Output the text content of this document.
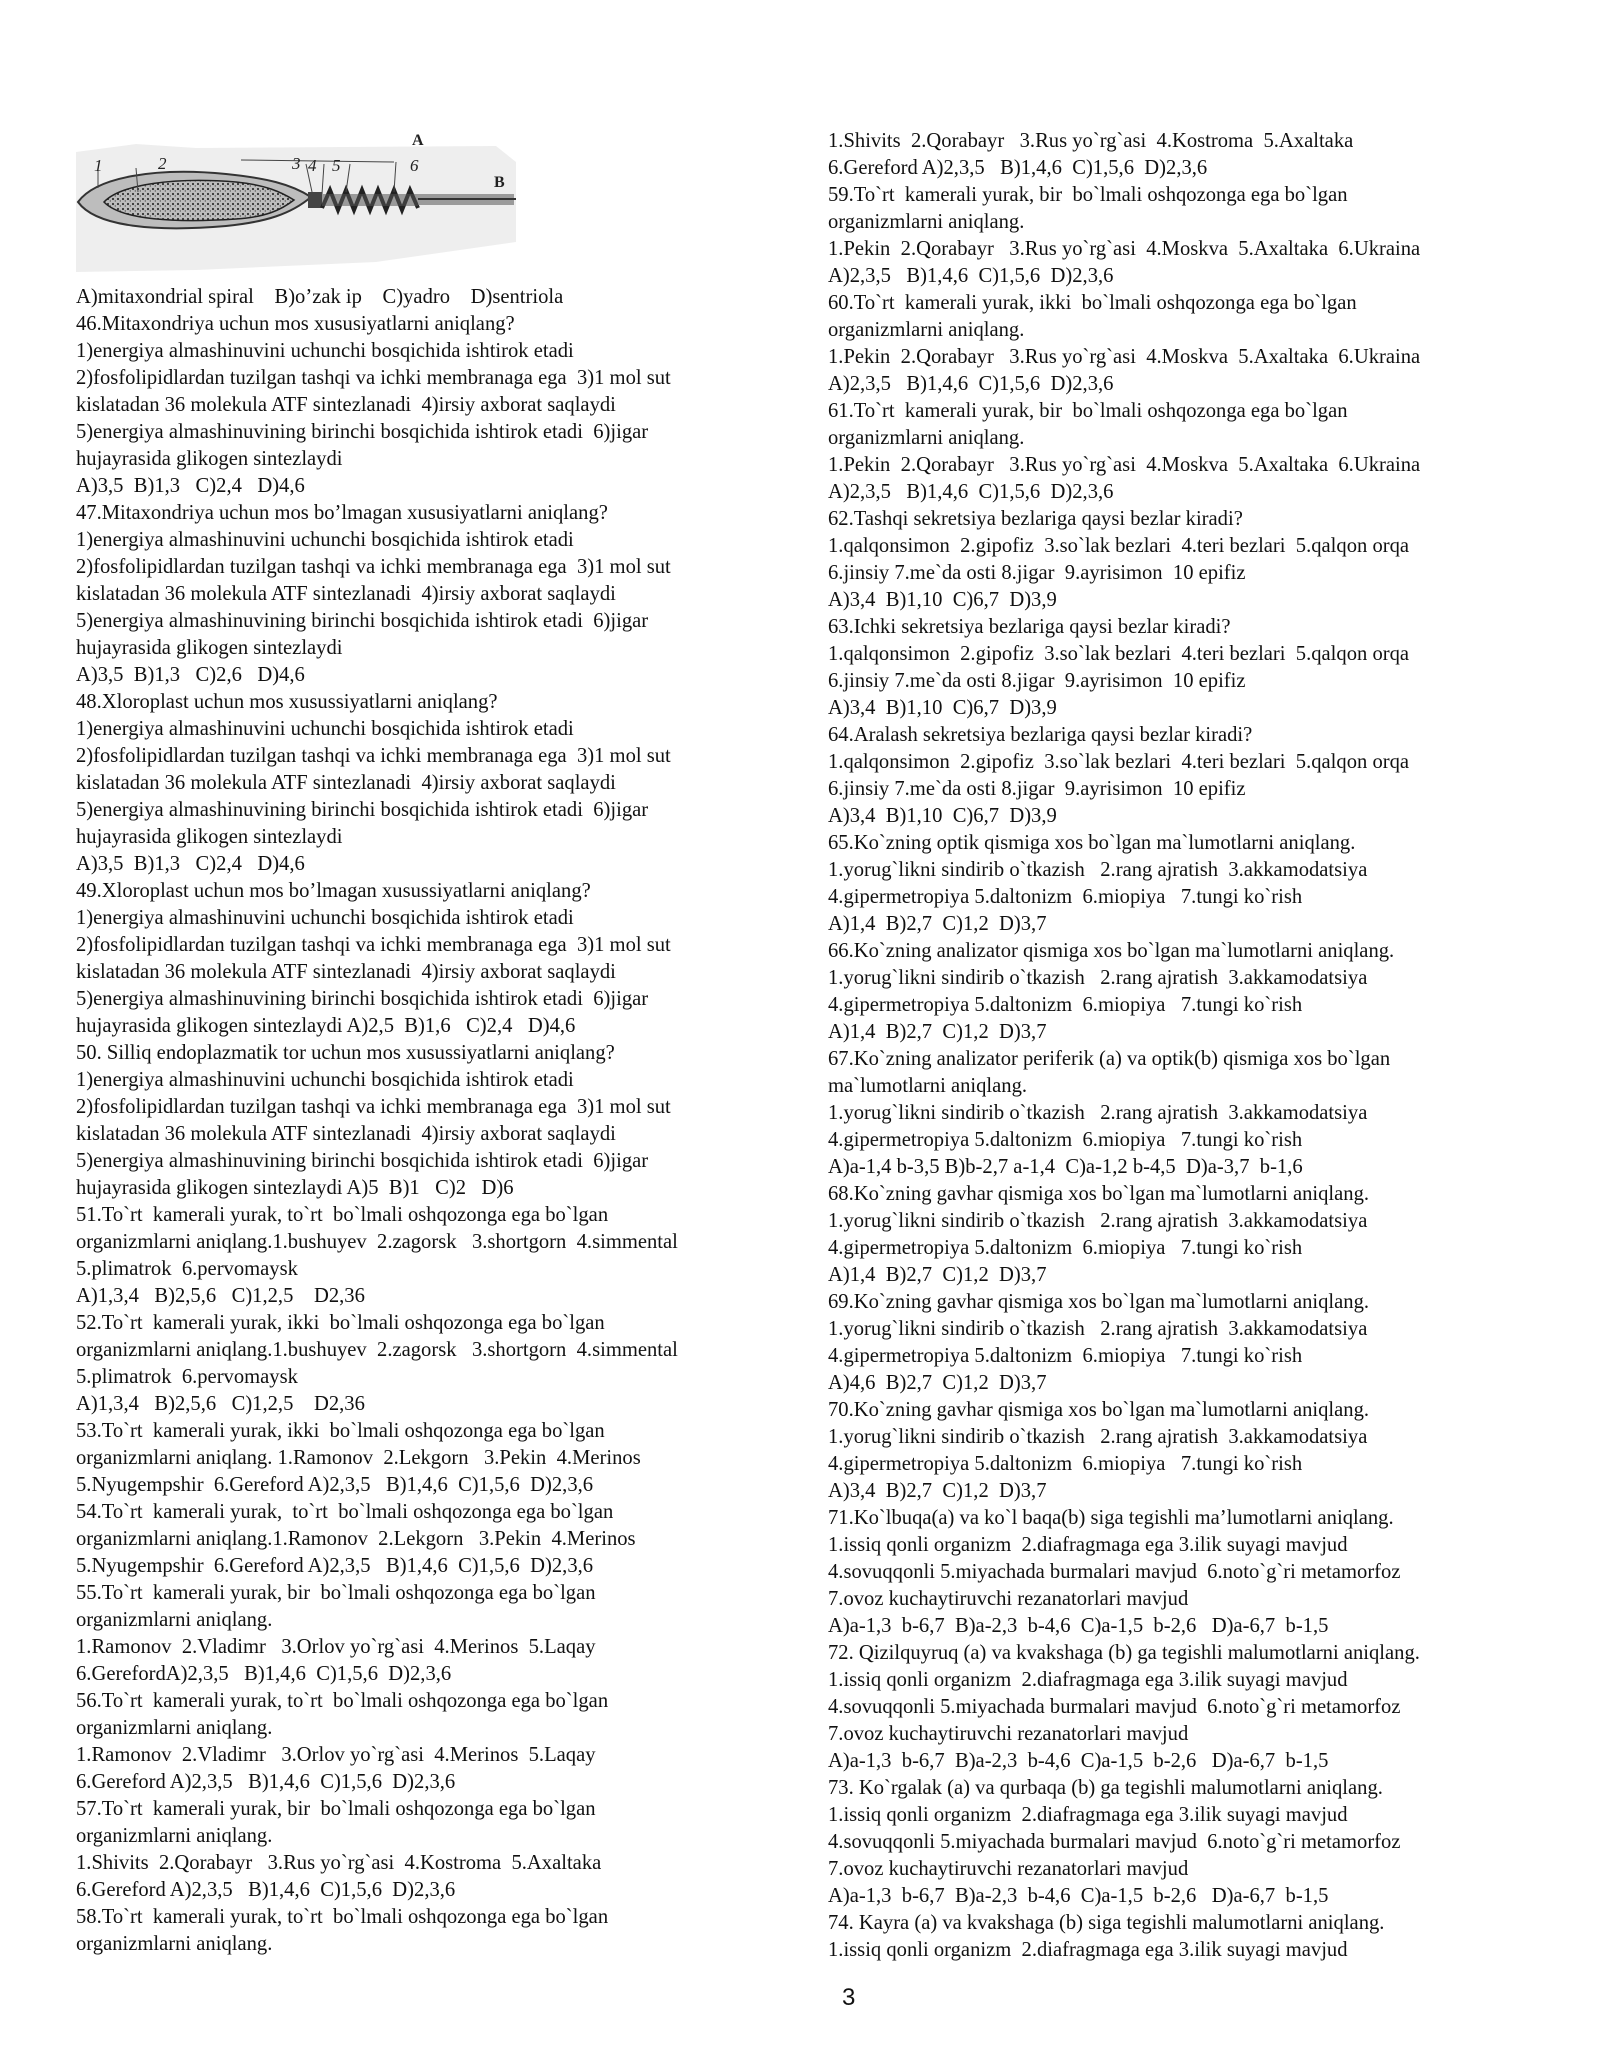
1	2	3 4 5
A
6
B
A)mitaxondrial spiral    B)o’zak ip    C)yadro    D)sentriola
46.Mitaxondriya uchun mos xususiyatlarni aniqlang?
1)energiya almashinuvini uchunchi bosqichida ishtirok etadi
2)fosfolipidlardan tuzilgan tashqi va ichki membranaga ega  3)1 mol sut
kislatadan 36 molekula ATF sintezlanadi  4)irsiy axborat saqlaydi
5)energiya almashinuvining birinchi bosqichida ishtirok etadi  6)jigar
hujayrasida glikogen sintezlaydi
A)3,5  B)1,3   C)2,4   D)4,6
47.Mitaxondriya uchun mos bo’lmagan xususiyatlarni aniqlang?
1)energiya almashinuvini uchunchi bosqichida ishtirok etadi
2)fosfolipidlardan tuzilgan tashqi va ichki membranaga ega  3)1 mol sut
kislatadan 36 molekula ATF sintezlanadi  4)irsiy axborat saqlaydi
5)energiya almashinuvining birinchi bosqichida ishtirok etadi  6)jigar
hujayrasida glikogen sintezlaydi
A)3,5  B)1,3   C)2,6   D)4,6
48.Xloroplast uchun mos xusussiyatlarni aniqlang?
1)energiya almashinuvini uchunchi bosqichida ishtirok etadi
2)fosfolipidlardan tuzilgan tashqi va ichki membranaga ega  3)1 mol sut
kislatadan 36 molekula ATF sintezlanadi  4)irsiy axborat saqlaydi
5)energiya almashinuvining birinchi bosqichida ishtirok etadi  6)jigar
hujayrasida glikogen sintezlaydi
A)3,5  B)1,3   C)2,4   D)4,6
49.Xloroplast uchun mos bo’lmagan xusussiyatlarni aniqlang?
1)energiya almashinuvini uchunchi bosqichida ishtirok etadi
2)fosfolipidlardan tuzilgan tashqi va ichki membranaga ega  3)1 mol sut
kislatadan 36 molekula ATF sintezlanadi  4)irsiy axborat saqlaydi
5)energiya almashinuvining birinchi bosqichida ishtirok etadi  6)jigar
hujayrasida glikogen sintezlaydi A)2,5  B)1,6   C)2,4   D)4,6
50. Silliq endoplazmatik tor uchun mos xusussiyatlarni aniqlang?
1)energiya almashinuvini uchunchi bosqichida ishtirok etadi
2)fosfolipidlardan tuzilgan tashqi va ichki membranaga ega  3)1 mol sut
kislatadan 36 molekula ATF sintezlanadi  4)irsiy axborat saqlaydi
5)energiya almashinuvining birinchi bosqichida ishtirok etadi  6)jigar
hujayrasida glikogen sintezlaydi A)5  B)1   C)2   D)6
51.To`rt  kamerali yurak, to`rt  bo`lmali oshqozonga ega bo`lgan
organizmlarni aniqlang.1.bushuyev  2.zagorsk   3.shortgorn  4.simmental
5.plimatrok  6.pervomaysk
A)1,3,4   B)2,5,6   C)1,2,5    D2,36
52.To`rt  kamerali yurak, ikki  bo`lmali oshqozonga ega bo`lgan
organizmlarni aniqlang.1.bushuyev  2.zagorsk   3.shortgorn  4.simmental
5.plimatrok  6.pervomaysk
A)1,3,4   B)2,5,6   C)1,2,5    D2,36
53.To`rt  kamerali yurak, ikki  bo`lmali oshqozonga ega bo`lgan
organizmlarni aniqlang. 1.Ramonov  2.Lekgorn   3.Pekin  4.Merinos
5.Nyugempshir  6.Gereford A)2,3,5   B)1,4,6  C)1,5,6  D)2,3,6
54.To`rt  kamerali yurak,  to`rt  bo`lmali oshqozonga ega bo`lgan
organizmlarni aniqlang.1.Ramonov  2.Lekgorn   3.Pekin  4.Merinos
5.Nyugempshir  6.Gereford A)2,3,5   B)1,4,6  C)1,5,6  D)2,3,6
55.To`rt  kamerali yurak, bir  bo`lmali oshqozonga ega bo`lgan
organizmlarni aniqlang.
1.Ramonov  2.Vladimr   3.Orlov yo`rg`asi  4.Merinos  5.Laqay
6.GerefordA)2,3,5   B)1,4,6  C)1,5,6  D)2,3,6
56.To`rt  kamerali yurak, to`rt  bo`lmali oshqozonga ega bo`lgan
organizmlarni aniqlang.
1.Ramonov  2.Vladimr   3.Orlov yo`rg`asi  4.Merinos  5.Laqay
6.Gereford A)2,3,5   B)1,4,6  C)1,5,6  D)2,3,6
57.To`rt  kamerali yurak, bir  bo`lmali oshqozonga ega bo`lgan
organizmlarni aniqlang.
1.Shivits  2.Qorabayr   3.Rus yo`rg`asi  4.Kostroma  5.Axaltaka
6.Gereford A)2,3,5   B)1,4,6  C)1,5,6  D)2,3,6
58.To`rt  kamerali yurak, to`rt  bo`lmali oshqozonga ega bo`lgan
organizmlarni aniqlang.
1.Shivits  2.Qorabayr   3.Rus yo`rg`asi  4.Kostroma  5.Axaltaka
6.Gereford A)2,3,5   B)1,4,6  C)1,5,6  D)2,3,6
59.To`rt  kamerali yurak, bir  bo`lmali oshqozonga ega bo`lgan
organizmlarni aniqlang.
1.Pekin  2.Qorabayr   3.Rus yo`rg`asi  4.Moskva  5.Axaltaka  6.Ukraina
A)2,3,5   B)1,4,6  C)1,5,6  D)2,3,6
60.To`rt  kamerali yurak, ikki  bo`lmali oshqozonga ega bo`lgan
organizmlarni aniqlang.
1.Pekin  2.Qorabayr   3.Rus yo`rg`asi  4.Moskva  5.Axaltaka  6.Ukraina
A)2,3,5   B)1,4,6  C)1,5,6  D)2,3,6
61.To`rt  kamerali yurak, bir  bo`lmali oshqozonga ega bo`lgan
organizmlarni aniqlang.
1.Pekin  2.Qorabayr   3.Rus yo`rg`asi  4.Moskva  5.Axaltaka  6.Ukraina
A)2,3,5   B)1,4,6  C)1,5,6  D)2,3,6
62.Tashqi sekretsiya bezlariga qaysi bezlar kiradi?
1.qalqonsimon  2.gipofiz  3.so`lak bezlari  4.teri bezlari  5.qalqon orqa
6.jinsiy 7.me`da osti 8.jigar  9.ayrisimon  10 epifiz
A)3,4  B)1,10  C)6,7  D)3,9
63.Ichki sekretsiya bezlariga qaysi bezlar kiradi?
1.qalqonsimon  2.gipofiz  3.so`lak bezlari  4.teri bezlari  5.qalqon orqa
6.jinsiy 7.me`da osti 8.jigar  9.ayrisimon  10 epifiz
A)3,4  B)1,10  C)6,7  D)3,9
64.Aralash sekretsiya bezlariga qaysi bezlar kiradi?
1.qalqonsimon  2.gipofiz  3.so`lak bezlari  4.teri bezlari  5.qalqon orqa
6.jinsiy 7.me`da osti 8.jigar  9.ayrisimon  10 epifiz
A)3,4  B)1,10  C)6,7  D)3,9
65.Ko`zning optik qismiga xos bo`lgan ma`lumotlarni aniqlang.
1.yorug`likni sindirib o`tkazish   2.rang ajratish  3.akkamodatsiya
4.gipermetropiya 5.daltonizm  6.miopiya   7.tungi ko`rish
A)1,4  B)2,7  C)1,2  D)3,7
66.Ko`zning analizator qismiga xos bo`lgan ma`lumotlarni aniqlang.
1.yorug`likni sindirib o`tkazish   2.rang ajratish  3.akkamodatsiya
4.gipermetropiya 5.daltonizm  6.miopiya   7.tungi ko`rish
A)1,4  B)2,7  C)1,2  D)3,7
67.Ko`zning analizator periferik (a) va optik(b) qismiga xos bo`lgan
ma`lumotlarni aniqlang.
1.yorug`likni sindirib o`tkazish   2.rang ajratish  3.akkamodatsiya
4.gipermetropiya 5.daltonizm  6.miopiya   7.tungi ko`rish
A)a-1,4 b-3,5 B)b-2,7 a-1,4  C)a-1,2 b-4,5  D)a-3,7  b-1,6
68.Ko`zning gavhar qismiga xos bo`lgan ma`lumotlarni aniqlang.
1.yorug`likni sindirib o`tkazish   2.rang ajratish  3.akkamodatsiya
4.gipermetropiya 5.daltonizm  6.miopiya   7.tungi ko`rish
A)1,4  B)2,7  C)1,2  D)3,7
69.Ko`zning gavhar qismiga xos bo`lgan ma`lumotlarni aniqlang.
1.yorug`likni sindirib o`tkazish   2.rang ajratish  3.akkamodatsiya
4.gipermetropiya 5.daltonizm  6.miopiya   7.tungi ko`rish
A)4,6  B)2,7  C)1,2  D)3,7
70.Ko`zning gavhar qismiga xos bo`lgan ma`lumotlarni aniqlang.
1.yorug`likni sindirib o`tkazish   2.rang ajratish  3.akkamodatsiya
4.gipermetropiya 5.daltonizm  6.miopiya   7.tungi ko`rish
A)3,4  B)2,7  C)1,2  D)3,7
71.Ko`lbuqa(a) va ko`l baqa(b) siga tegishli ma’lumotlarni aniqlang.
1.issiq qonli organizm  2.diafragmaga ega 3.ilik suyagi mavjud
4.sovuqqonli 5.miyachada burmalari mavjud  6.noto`g`ri metamorfoz
7.ovoz kuchaytiruvchi rezanatorlari mavjud
A)a-1,3  b-6,7  B)a-2,3  b-4,6  C)a-1,5  b-2,6   D)a-6,7  b-1,5
72. Qizilquyruq (a) va kvakshaga (b) ga tegishli malumotlarni aniqlang.
1.issiq qonli organizm  2.diafragmaga ega 3.ilik suyagi mavjud
4.sovuqqonli 5.miyachada burmalari mavjud  6.noto`g`ri metamorfoz
7.ovoz kuchaytiruvchi rezanatorlari mavjud
A)a-1,3  b-6,7  B)a-2,3  b-4,6  C)a-1,5  b-2,6   D)a-6,7  b-1,5
73. Ko`rgalak (a) va qurbaqa (b) ga tegishli malumotlarni aniqlang.
1.issiq qonli organizm  2.diafragmaga ega 3.ilik suyagi mavjud
4.sovuqqonli 5.miyachada burmalari mavjud  6.noto`g`ri metamorfoz
7.ovoz kuchaytiruvchi rezanatorlari mavjud
A)a-1,3  b-6,7  B)a-2,3  b-4,6  C)a-1,5  b-2,6   D)a-6,7  b-1,5
74. Kayra (a) va kvakshaga (b) siga tegishli malumotlarni aniqlang.
1.issiq qonli organizm  2.diafragmaga ega 3.ilik suyagi mavjud
3
